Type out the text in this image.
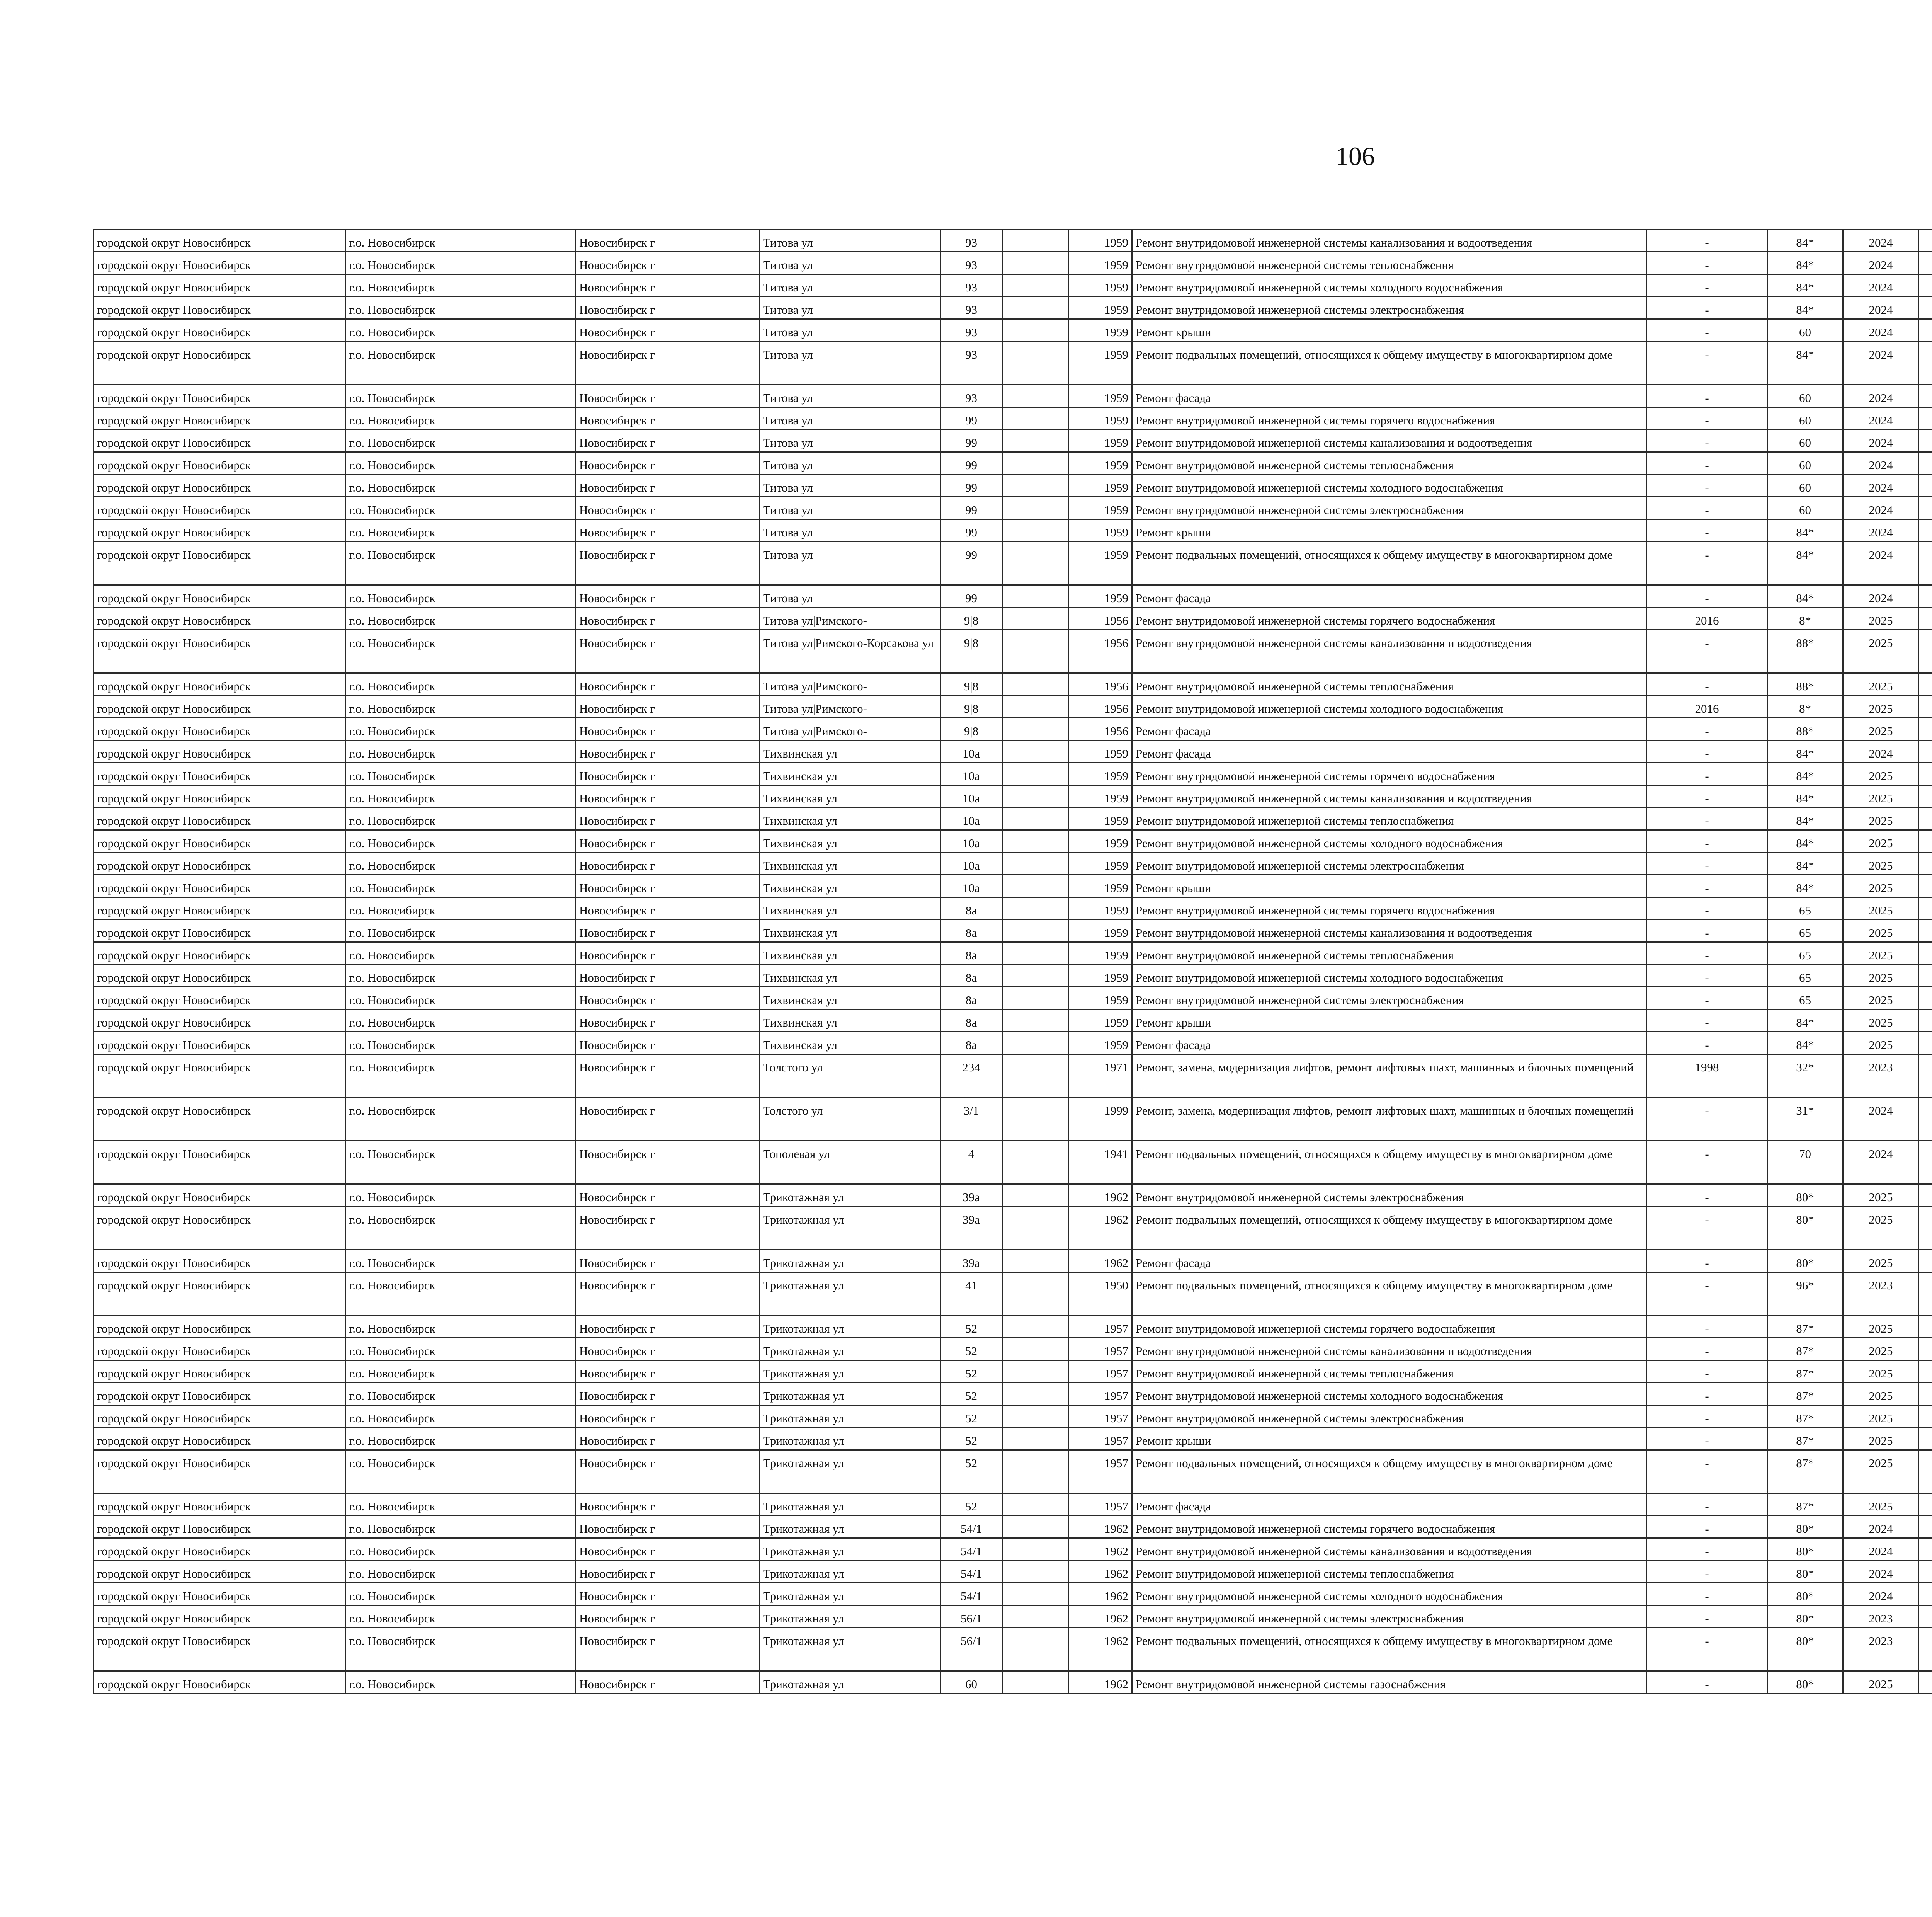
106
городской округ Новосибирск	г.о. Новосибирск	Новосибирск г	Титова ул	93		1959	Ремонт внутридомовой инженерной системы канализования и водоотведения	-	84*	2024						
городской округ Новосибирск	г.о. Новосибирск	Новосибирск г	Титова ул	93		1959	Ремонт внутридомовой инженерной системы теплоснабжения	-	84*	2024						
городской округ Новосибирск	г.о. Новосибирск	Новосибирск г	Титова ул	93		1959	Ремонт внутридомовой инженерной системы холодного водоснабжения	-	84*	2024						
городской округ Новосибирск	г.о. Новосибирск	Новосибирск г	Титова ул	93		1959	Ремонт внутридомовой инженерной системы электроснабжения	-	84*	2024						
городской округ Новосибирск	г.о. Новосибирск	Новосибирск г	Титова ул	93		1959	Ремонт крыши	-	60	2024						
городской округ Новосибирск	г.о. Новосибирск	Новосибирск г	Титова ул	93		1959	Ремонт подвальных помещений, относящихся к общему имуществу в многоквартирном доме	-	84*	2024						
городской округ Новосибирск	г.о. Новосибирск	Новосибирск г	Титова ул	93		1959	Ремонт фасада	-	60	2024						
городской округ Новосибирск	г.о. Новосибирск	Новосибирск г	Титова ул	99		1959	Ремонт внутридомовой инженерной системы горячего водоснабжения	-	60	2024						
городской округ Новосибирск	г.о. Новосибирск	Новосибирск г	Титова ул	99		1959	Ремонт внутридомовой инженерной системы канализования и водоотведения	-	60	2024						
городской округ Новосибирск	г.о. Новосибирск	Новосибирск г	Титова ул	99		1959	Ремонт внутридомовой инженерной системы теплоснабжения	-	60	2024						
городской округ Новосибирск	г.о. Новосибирск	Новосибирск г	Титова ул	99		1959	Ремонт внутридомовой инженерной системы холодного водоснабжения	-	60	2024						
городской округ Новосибирск	г.о. Новосибирск	Новосибирск г	Титова ул	99		1959	Ремонт внутридомовой инженерной системы электроснабжения	-	60	2024						
городской округ Новосибирск	г.о. Новосибирск	Новосибирск г	Титова ул	99		1959	Ремонт крыши	-	84*	2024						
городской округ Новосибирск	г.о. Новосибирск	Новосибирск г	Титова ул	99		1959	Ремонт подвальных помещений, относящихся к общему имуществу в многоквартирном доме	-	84*	2024						
городской округ Новосибирск	г.о. Новосибирск	Новосибирск г	Титова ул	99		1959	Ремонт фасада	-	84*	2024						
городской округ Новосибирск	г.о. Новосибирск	Новосибирск г	Титова ул|Римского-	9|8		1956	Ремонт внутридомовой инженерной системы горячего водоснабжения	2016	8*	2025						
городской округ Новосибирск	г.о. Новосибирск	Новосибирск г	Титова ул|Римского-Корсакова ул	9|8		1956	Ремонт внутридомовой инженерной системы канализования и водоотведения	-	88*	2025						
городской округ Новосибирск	г.о. Новосибирск	Новосибирск г	Титова ул|Римского-	9|8		1956	Ремонт внутридомовой инженерной системы теплоснабжения	-	88*	2025						
городской округ Новосибирск	г.о. Новосибирск	Новосибирск г	Титова ул|Римского-	9|8		1956	Ремонт внутридомовой инженерной системы холодного водоснабжения	2016	8*	2025						
городской округ Новосибирск	г.о. Новосибирск	Новосибирск г	Титова ул|Римского-	9|8		1956	Ремонт фасада	-	88*	2025						
городской округ Новосибирск	г.о. Новосибирск	Новосибирск г	Тихвинская ул	10а		1959	Ремонт фасада	-	84*	2024						
городской округ Новосибирск	г.о. Новосибирск	Новосибирск г	Тихвинская ул	10а		1959	Ремонт внутридомовой инженерной системы горячего водоснабжения	-	84*	2025						
городской округ Новосибирск	г.о. Новосибирск	Новосибирск г	Тихвинская ул	10а		1959	Ремонт внутридомовой инженерной системы канализования и водоотведения	-	84*	2025						
городской округ Новосибирск	г.о. Новосибирск	Новосибирск г	Тихвинская ул	10а		1959	Ремонт внутридомовой инженерной системы теплоснабжения	-	84*	2025						
городской округ Новосибирск	г.о. Новосибирск	Новосибирск г	Тихвинская ул	10а		1959	Ремонт внутридомовой инженерной системы холодного водоснабжения	-	84*	2025						
городской округ Новосибирск	г.о. Новосибирск	Новосибирск г	Тихвинская ул	10а		1959	Ремонт внутридомовой инженерной системы электроснабжения	-	84*	2025						
городской округ Новосибирск	г.о. Новосибирск	Новосибирск г	Тихвинская ул	10а		1959	Ремонт крыши	-	84*	2025						
городской округ Новосибирск	г.о. Новосибирск	Новосибирск г	Тихвинская ул	8а		1959	Ремонт внутридомовой инженерной системы горячего водоснабжения	-	65	2025						
городской округ Новосибирск	г.о. Новосибирск	Новосибирск г	Тихвинская ул	8а		1959	Ремонт внутридомовой инженерной системы канализования и водоотведения	-	65	2025						
городской округ Новосибирск	г.о. Новосибирск	Новосибирск г	Тихвинская ул	8а		1959	Ремонт внутридомовой инженерной системы теплоснабжения	-	65	2025						
городской округ Новосибирск	г.о. Новосибирск	Новосибирск г	Тихвинская ул	8а		1959	Ремонт внутридомовой инженерной системы холодного водоснабжения	-	65	2025						
городской округ Новосибирск	г.о. Новосибирск	Новосибирск г	Тихвинская ул	8а		1959	Ремонт внутридомовой инженерной системы электроснабжения	-	65	2025						
городской округ Новосибирск	г.о. Новосибирск	Новосибирск г	Тихвинская ул	8а		1959	Ремонт крыши	-	84*	2025						
городской округ Новосибирск	г.о. Новосибирск	Новосибирск г	Тихвинская ул	8а		1959	Ремонт фасада	-	84*	2025						
городской округ Новосибирск	г.о. Новосибирск	Новосибирск г	Толстого ул	234		1971	Ремонт, замена, модернизация лифтов, ремонт лифтовых шахт, машинных и блочных помещений	1998	32*	2023						
городской округ Новосибирск	г.о. Новосибирск	Новосибирск г	Толстого ул	3/1		1999	Ремонт, замена, модернизация лифтов, ремонт лифтовых шахт, машинных и блочных помещений	-	31*	2024						
городской округ Новосибирск	г.о. Новосибирск	Новосибирск г	Тополевая ул	4		1941	Ремонт подвальных помещений, относящихся к общему имуществу в многоквартирном доме	-	70	2024						
городской округ Новосибирск	г.о. Новосибирск	Новосибирск г	Трикотажная ул	39а		1962	Ремонт внутридомовой инженерной системы электроснабжения	-	80*	2025						
городской округ Новосибирск	г.о. Новосибирск	Новосибирск г	Трикотажная ул	39а		1962	Ремонт подвальных помещений, относящихся к общему имуществу в многоквартирном доме	-	80*	2025						
городской округ Новосибирск	г.о. Новосибирск	Новосибирск г	Трикотажная ул	39а		1962	Ремонт фасада	-	80*	2025						
городской округ Новосибирск	г.о. Новосибирск	Новосибирск г	Трикотажная ул	41		1950	Ремонт подвальных помещений, относящихся к общему имуществу в многоквартирном доме	-	96*	2023						
городской округ Новосибирск	г.о. Новосибирск	Новосибирск г	Трикотажная ул	52		1957	Ремонт внутридомовой инженерной системы горячего водоснабжения	-	87*	2025						
городской округ Новосибирск	г.о. Новосибирск	Новосибирск г	Трикотажная ул	52		1957	Ремонт внутридомовой инженерной системы канализования и водоотведения	-	87*	2025						
городской округ Новосибирск	г.о. Новосибирск	Новосибирск г	Трикотажная ул	52		1957	Ремонт внутридомовой инженерной системы теплоснабжения	-	87*	2025						
городской округ Новосибирск	г.о. Новосибирск	Новосибирск г	Трикотажная ул	52		1957	Ремонт внутридомовой инженерной системы холодного водоснабжения	-	87*	2025						
городской округ Новосибирск	г.о. Новосибирск	Новосибирск г	Трикотажная ул	52		1957	Ремонт внутридомовой инженерной системы электроснабжения	-	87*	2025						
городской округ Новосибирск	г.о. Новосибирск	Новосибирск г	Трикотажная ул	52		1957	Ремонт крыши	-	87*	2025						
городской округ Новосибирск	г.о. Новосибирск	Новосибирск г	Трикотажная ул	52		1957	Ремонт подвальных помещений, относящихся к общему имуществу в многоквартирном доме	-	87*	2025						
городской округ Новосибирск	г.о. Новосибирск	Новосибирск г	Трикотажная ул	52		1957	Ремонт фасада	-	87*	2025						
городской округ Новосибирск	г.о. Новосибирск	Новосибирск г	Трикотажная ул	54/1		1962	Ремонт внутридомовой инженерной системы горячего водоснабжения	-	80*	2024						
городской округ Новосибирск	г.о. Новосибирск	Новосибирск г	Трикотажная ул	54/1		1962	Ремонт внутридомовой инженерной системы канализования и водоотведения	-	80*	2024						
городской округ Новосибирск	г.о. Новосибирск	Новосибирск г	Трикотажная ул	54/1		1962	Ремонт внутридомовой инженерной системы теплоснабжения	-	80*	2024						
городской округ Новосибирск	г.о. Новосибирск	Новосибирск г	Трикотажная ул	54/1		1962	Ремонт внутридомовой инженерной системы холодного водоснабжения	-	80*	2024						
городской округ Новосибирск	г.о. Новосибирск	Новосибирск г	Трикотажная ул	56/1		1962	Ремонт внутридомовой инженерной системы электроснабжения	-	80*	2023						
городской округ Новосибирск	г.о. Новосибирск	Новосибирск г	Трикотажная ул	56/1		1962	Ремонт подвальных помещений, относящихся к общему имуществу в многоквартирном доме	-	80*	2023						
городской округ Новосибирск	г.о. Новосибирск	Новосибирск г	Трикотажная ул	60		1962	Ремонт внутридомовой инженерной системы газоснабжения	-	80*	2025						
